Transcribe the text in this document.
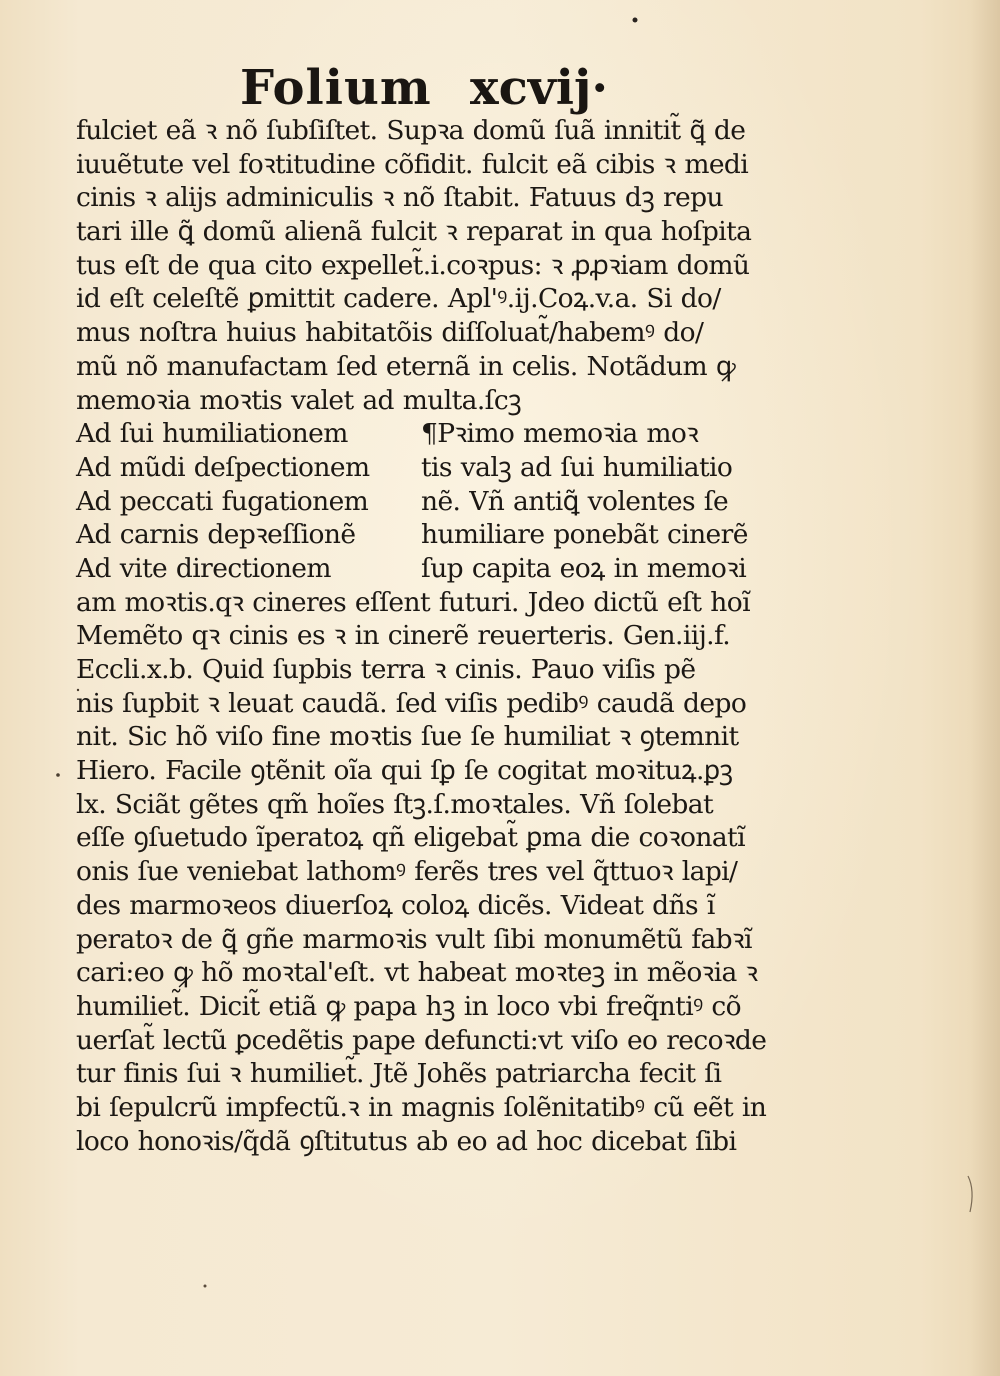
Folium xcvij·
fulciet eã ꝛ nõ ſubſiſtet. Supꝛa domũ ſuã innitit̃ ꝗ̃ de
iuuẽtute vel foꝛtitudine cõfidit. fulcit eã cibis ꝛ medi
cinis ꝛ alijs adminiculis ꝛ nõ ſtabit. Fatuus dꝫ repu
tari ille ꝗ̃ domũ alienã fulcit ꝛ reparat in qua hoſpita
tus eſt de qua cito expellet̃.i.coꝛpus: ꝛ ꝓꝓꝛiam domũ
id eſt celeſtẽ ꝑmittit cadere. Apl'ꝰ.ij.Coꝝ.v.a. Si do/
mus noſtra huius habitatõis diſſoluat̃/habemꝰ do/
mũ nõ manufactam ſed eternã in celis. Notãdum ꝙ
memoꝛia moꝛtis valet ad multa.ſcꝫ
Ad ſui humiliationem
Ad mũdi deſpectionem
Ad peccati fugationem
Ad carnis depꝛeſſionẽ
Ad vite directionem
¶Pꝛimo memoꝛia moꝛ
tis valꝫ ad ſui humiliatio
nẽ. Vñ antiꝗ̃ volentes ſe
humiliare ponebãt cinerẽ
ſup capita eoꝝ in memoꝛi
am moꝛtis.qꝛ cineres eſſent futuri. Jdeo dictũ eſt hoĩ
Memẽto qꝛ cinis es ꝛ in cinerẽ reuerteris. Gen.iij.f.
Eccli.x.b. Quid ſupbis terra ꝛ cinis. Pauo viſis pẽ
nis ſupbit ꝛ leuat caudã. ſed viſis pedibꝰ caudã depo
nit. Sic hõ viſo fine moꝛtis ſue ſe humiliat ꝛ ꝯtemnit
Hiero. Facile ꝯtẽnit oĩa qui ſꝑ ſe cogitat moꝛituꝝ.ꝑꝫ
lx. Sciãt gẽtes qm̃ hoĩes ſtꝫ.ſ.moꝛtales. Vñ ſolebat
eſſe ꝯſuetudo ĩperatoꝝ qñ eligebat̃ ꝑma die coꝛonatĩ
onis ſue veniebat lathomꝰ ferẽs tres vel q̃ttuoꝛ lapi/
des marmoꝛeos diuerſoꝝ coloꝝ dicẽs. Videat dñs ĩ
peratoꝛ de ꝗ̃ gñe marmoꝛis vult ſibi monumẽtũ fabꝛĩ
cari:eo ꝙ hõ moꝛtal'eſt. vt habeat moꝛteꝫ in mẽoꝛia ꝛ
humiliet̃. Dicit̃ etiã ꝙ papa hꝫ in loco vbi freq̃ntiꝰ cõ
uerſat̃ lectũ ꝑcedẽtis pape defuncti:vt viſo eo recoꝛde
tur finis ſui ꝛ humiliet̃. Jtẽ Johẽs patriarcha fecit ſi
bi ſepulcrũ impfectũ.ꝛ in magnis ſolẽnitatibꝰ cũ eẽt in
loco honoꝛis/q̃dã ꝯſtitutus ab eo ad hoc dicebat ſibi
